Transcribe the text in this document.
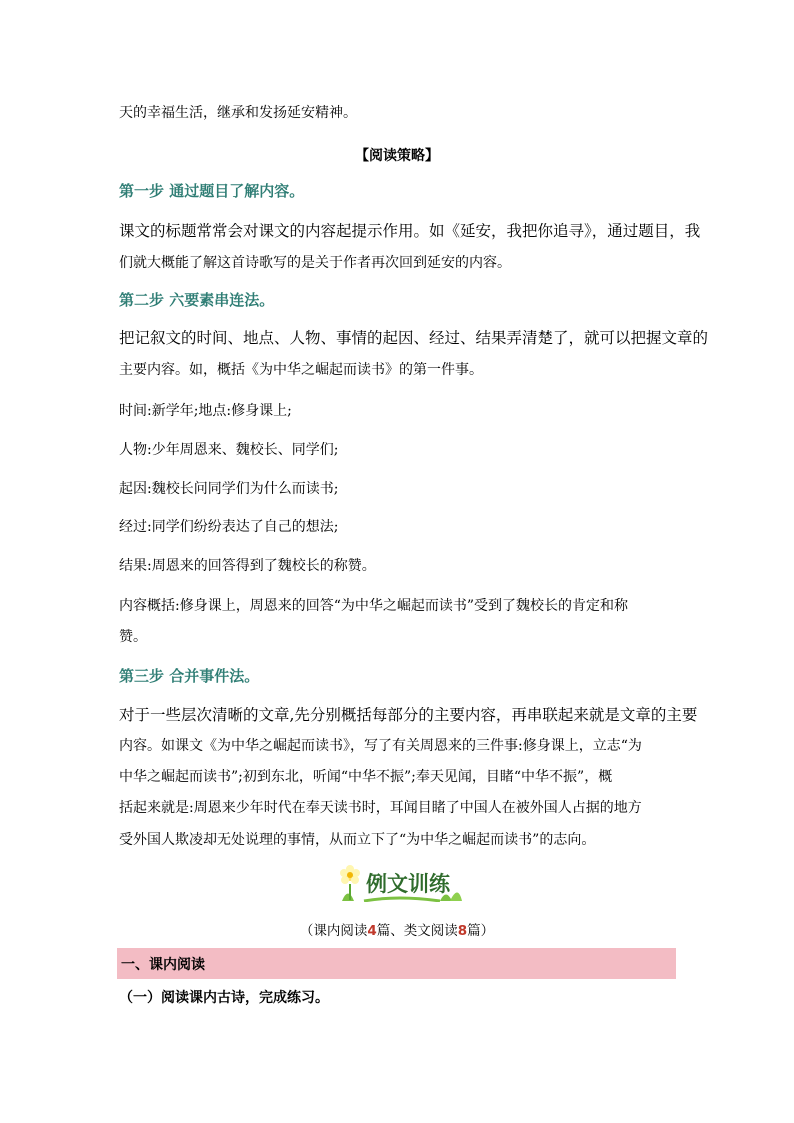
天的幸福生活，继承和发扬延安精神。
【阅读策略】
第一步 通过题目了解内容。
课文的标题常常会对课文的内容起提示作用。如《延安，我把你追寻》，通过题目，我
们就大概能了解这首诗歌写的是关于作者再次回到延安的内容。
第二步 六要素串连法。
把记叙文的时间、地点、人物、事情的起因、经过、结果弄清楚了，就可以把握文章的
主要内容。如，概括《为中华之崛起而读书》的第一件事。
时间:新学年;地点:修身课上;
人物:少年周恩来、魏校长、同学们;
起因:魏校长问同学们为什么而读书;
经过:同学们纷纷表达了自己的想法;
结果:周恩来的回答得到了魏校长的称赞。
内容概括:修身课上，周恩来的回答“为中华之崛起而读书”受到了魏校长的肯定和称
赞。
第三步 合并事件法。
对于一些层次清晰的文章,先分别概括每部分的主要内容，再串联起来就是文章的主要
内容。如课文《为中华之崛起而读书》，写了有关周恩来的三件事:修身课上，立志“为
中华之崛起而读书”;初到东北，听闻“中华不振”;奉天见闻，目睹“中华不振”，概
括起来就是:周恩来少年时代在奉天读书时，耳闻目睹了中国人在被外国人占据的地方
受外国人欺凌却无处说理的事情，从而立下了“为中华之崛起而读书”的志向。
例文训练
（课内阅读4篇、类文阅读8篇）
一、课内阅读
（一）阅读课内古诗，完成练习。
